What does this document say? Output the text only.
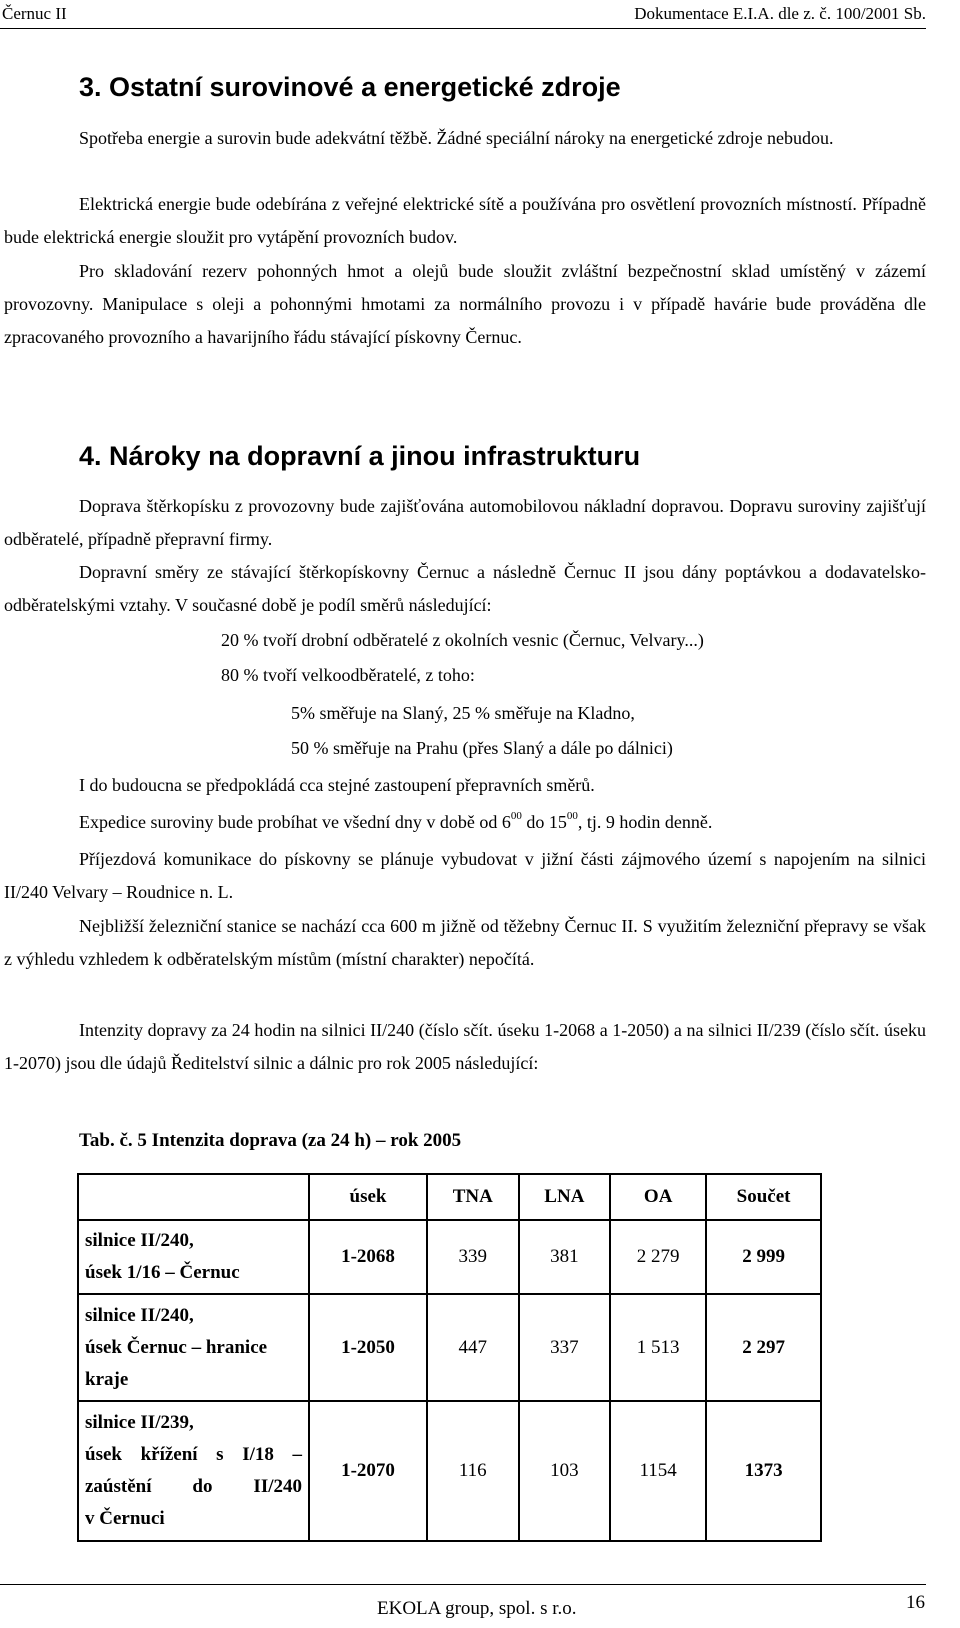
Černuc II	Dokumentace E.I.A. dle z. č. 100/2001 Sb.
3. Ostatní surovinové a energetické zdroje

Spotřeba energie a surovin bude adekvátní těžbě. Žádné speciální nároky na energetické zdroje nebudou.

Elektrická energie bude odebírána z veřejné elektrické sítě a používána pro osvětlení provozních místností. Případně bude elektrická energie sloužit pro vytápění provozních budov.

Pro skladování rezerv pohonných hmot a olejů bude sloužit zvláštní bezpečnostní sklad umístěný v zázemí provozovny. Manipulace s oleji a pohonnými hmotami za normálního provozu i v případě havárie bude prováděna dle zpracovaného provozního a havarijního řádu stávající pískovny Černuc.

4. Nároky na dopravní a jinou infrastrukturu

Doprava štěrkopísku z provozovny bude zajišťována automobilovou nákladní dopravou. Dopravu suroviny zajišťují odběratelé, případně přepravní firmy.

Dopravní směry ze stávající štěrkopískovny Černuc a následně Černuc II jsou dány poptávkou a dodavatelsko-odběratelskými vztahy. V současné době je podíl směrů následující:

20 % tvoří drobní odběratelé z okolních vesnic (Černuc, Velvary...)

80 % tvoří velkoodběratelé, z toho:

5% směřuje na Slaný, 25 % směřuje na Kladno,

50 % směřuje na Prahu (přes Slaný a dále po dálnici)

I do budoucna se předpokládá cca stejné zastoupení přepravních směrů.

Expedice suroviny bude probíhat ve všední dny v době od $6^{00}$ do $15^{00}$, tj. 9 hodin denně.

Příjezdová komunikace do pískovny se plánuje vybudovat v jižní části zájmového území s napojením na silnici II/240 Velvary – Roudnice n. L.

Nejbližší železniční stanice se nachází cca 600 m jižně od těžebny Černuc II. S využitím železniční přepravy se však z výhledu vzhledem k odběratelským místům (místní charakter) nepočítá.

Intenzity dopravy za 24 hodin na silnici II/240 (číslo sčít. úseku 1-2068 a 1-2050) a na silnici II/239 (číslo sčít. úseku 1-2070) jsou dle údajů Ředitelství silnic a dálnic pro rok 2005 následující:

Tab. č. 5 Intenzita doprava (za 24 h) – rok 2005
	úsek	TNA	LNA	OA	Součet

silnice II/240,
úsek 1/16 – Černuc	1-2068	339	381	2 279	2 999

silnice II/240,
úsek Černuc – hranice
kraje	1-2050	447	337	1 513	2 297

silnice II/239,
úsek křížení s I/18 –
zaústění do II/240
v Černuci	1-2070	116	103	1154	1373
EKOLA group, spol. s r.o.	16
